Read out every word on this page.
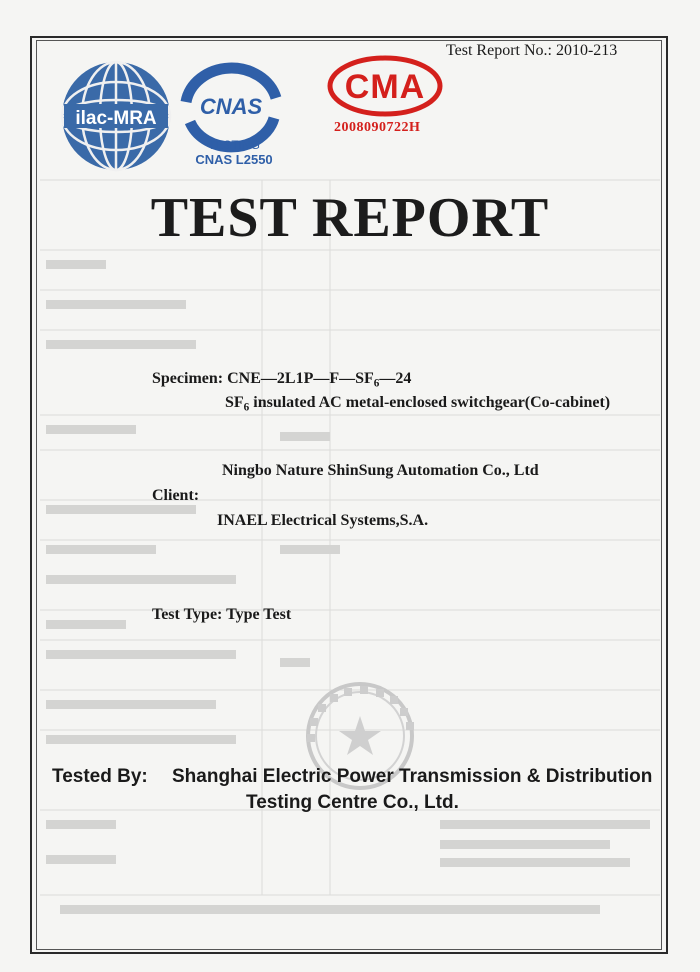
Test Report No.: 2010-213
ilac-MRA CNAS
TESTING
CNAS L2550
CMA
2008090722H
TEST REPORT
Specimen: $CNE—2L1P—F—SF_6—24$
$SF_6$ insulated AC metal-enclosed switchgear(Co-cabinet)
Ningbo Nature ShinSung Automation Co., Ltd
Client:
INAEL Electrical Systems,S.A.
Test Type: Type Test
Tested By: Shanghai Electric Power Transmission & Distribution
Testing Centre Co., Ltd.
